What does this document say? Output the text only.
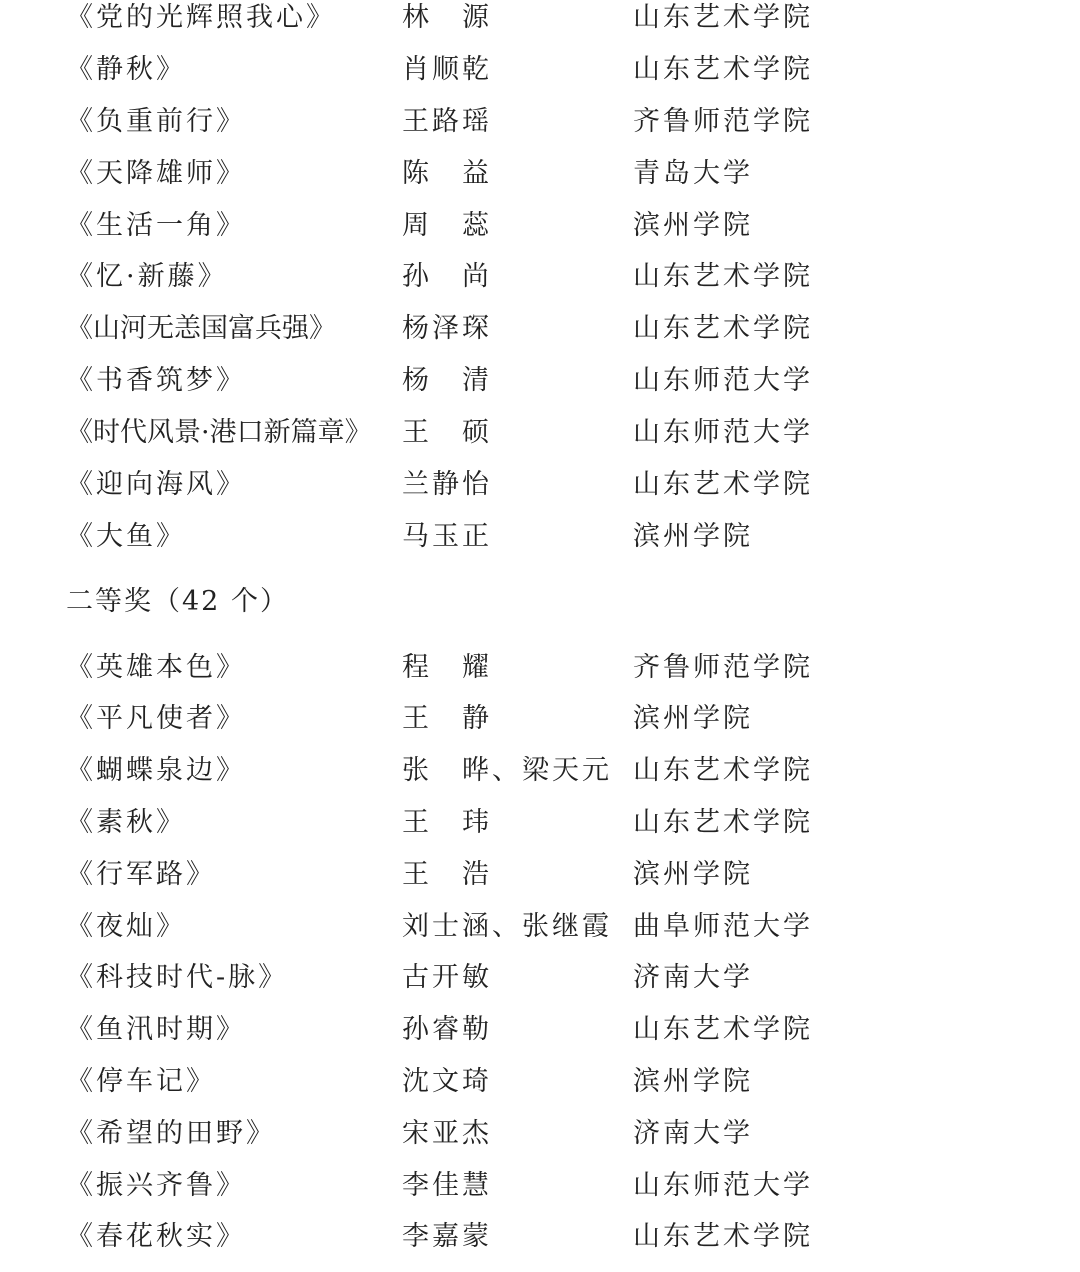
《党的光辉照我心》 林　源	山东艺术学院
《静秋》	肖顺乾	山东艺术学院
《负重前行》	王路瑶	齐鲁师范学院
《天降雄师》	陈　益	青岛大学
《生活一角》	周　蕊	滨州学院
《忆·新藤》	孙　尚	山东艺术学院
《山河无恙国富兵强》 杨泽琛	山东艺术学院
《书香筑梦》	杨　清	山东师范大学
《时代风景·港口新篇章》 王　硕	山东师范大学
《迎向海风》	兰静怡	山东艺术学院
《大鱼》	马玉正	滨州学院
二等奖（42 个）
《英雄本色》	程　耀	齐鲁师范学院
《平凡使者》	王　静	滨州学院
《蝴蝶泉边》	张　晔、梁天元 山东艺术学院
《素秋》	王　玮	山东艺术学院
《行军路》	王　浩	滨州学院
《夜灿》	刘士涵、张继霞 曲阜师范大学
《科技时代-脉》	古开敏	济南大学
《鱼汛时期》	孙睿勒	山东艺术学院
《停车记》	沈文琦	滨州学院
《希望的田野》	宋亚杰	济南大学
《振兴齐鲁》	李佳慧	山东师范大学
《春花秋实》	李嘉蒙	山东艺术学院
